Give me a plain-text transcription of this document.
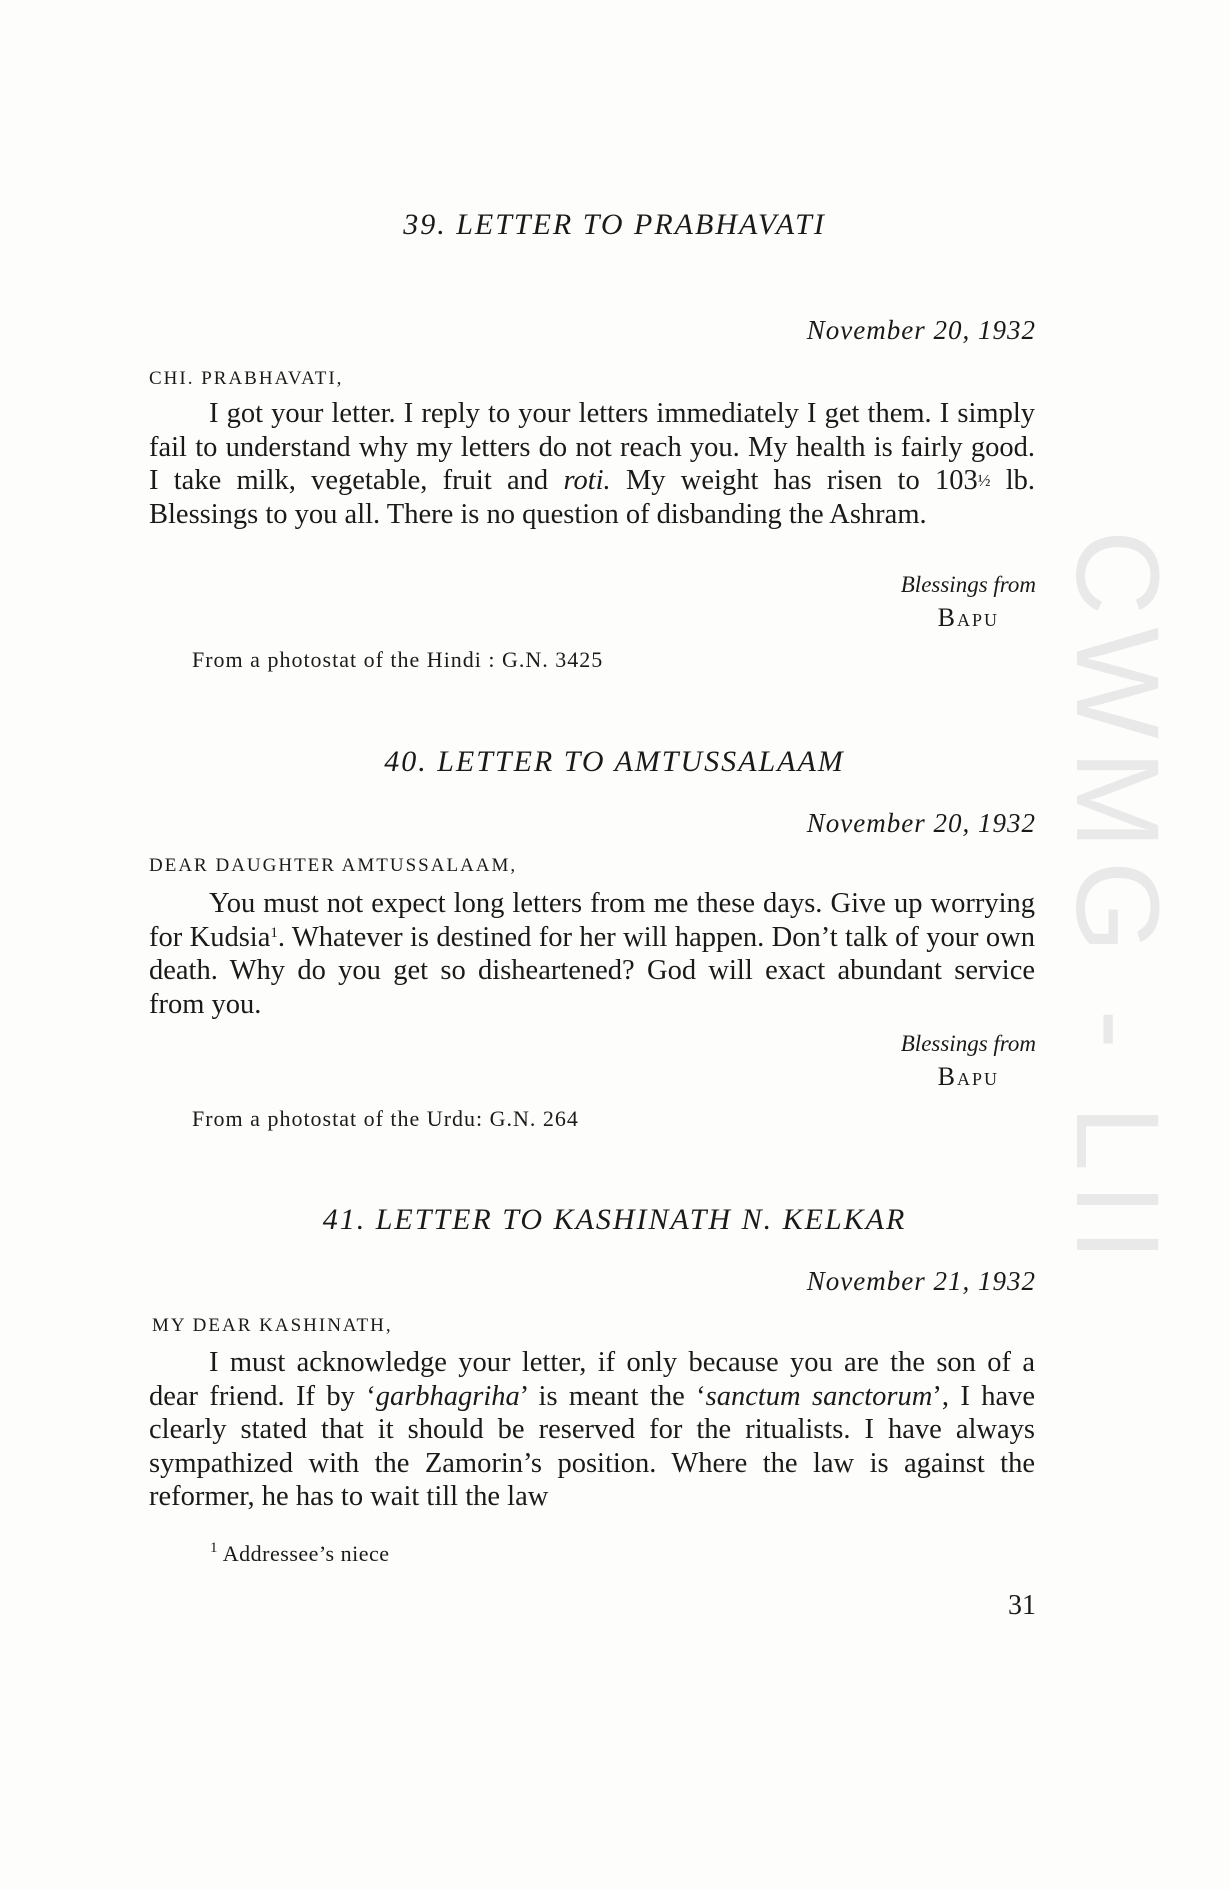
CWMG - LII
39. LETTER TO PRABHAVATI
November 20, 1932
CHI. PRABHAVATI,
I got your letter. I reply to your letters immediately I get them. I simply fail to understand why my letters do not reach you. My health is fairly good. I take milk, vegetable, fruit and roti. My weight has risen to 103½ lb. Blessings to you all. There is no question of disbanding the Ashram.
Blessings from
Bapu
From a photostat of the Hindi : G.N. 3425
40. LETTER TO AMTUSSALAAM
November 20, 1932
DEAR DAUGHTER AMTUSSALAAM,
You must not expect long letters from me these days. Give up worrying for Kudsia$^1$. Whatever is destined for her will happen. Don’t talk of your own death. Why do you get so disheartened? God will exact abundant service from you.
Blessings from
Bapu
From a photostat of the Urdu: G.N. 264
41. LETTER TO KASHINATH N. KELKAR
November 21, 1932
MY DEAR KASHINATH,
I must acknowledge your letter, if only because you are the son of a dear friend. If by ‘garbhagriha’ is meant the ‘sanctum sanctorum’, I have clearly stated that it should be reserved for the ritualists. I have always sympathized with the Zamorin’s position. Where the law is against the reformer, he has to wait till the law
$^1$ Addressee’s niece
31
